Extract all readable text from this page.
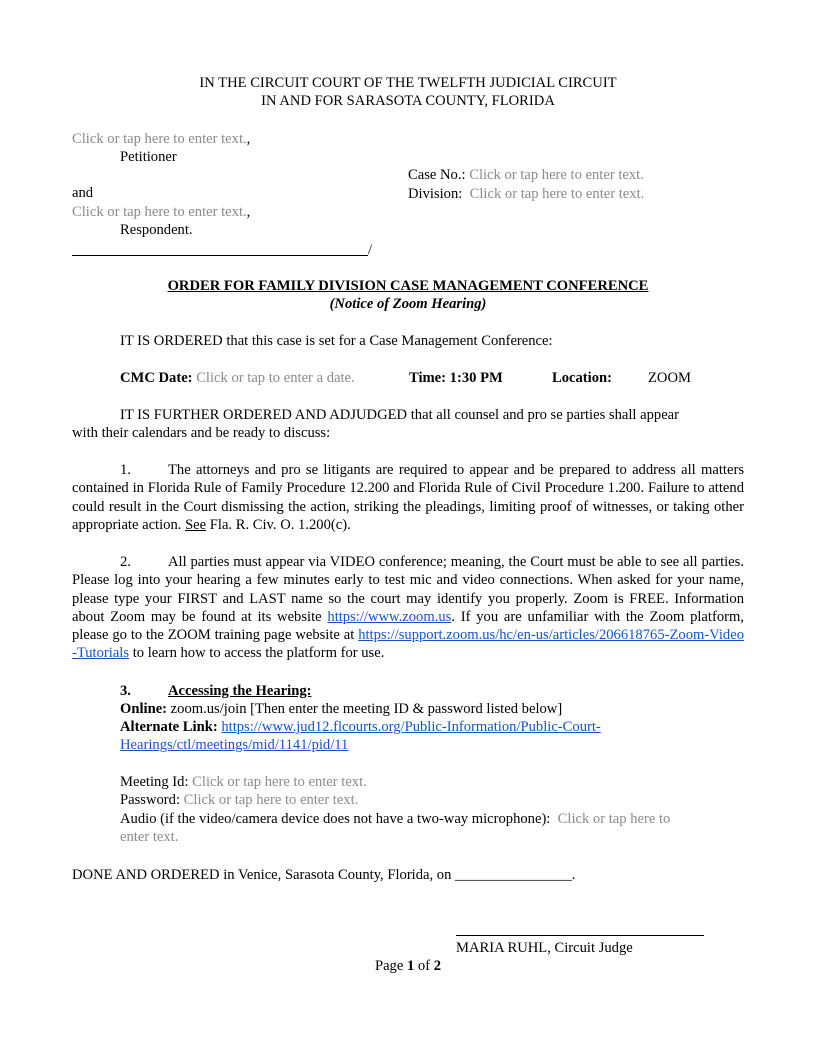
IN THE CIRCUIT COURT OF THE TWELFTH JUDICIAL CIRCUIT
IN AND FOR SARASOTA COUNTY, FLORIDA
Click or tap here to enter text.,
Petitioner
and
Click or tap here to enter text.,
Respondent.
/
Case No.: Click or tap here to enter text.
Division: Click or tap here to enter text.
ORDER FOR FAMILY DIVISION CASE MANAGEMENT CONFERENCE
(Notice of Zoom Hearing)
IT IS ORDERED that this case is set for a Case Management Conference:
CMC Date: Click or tap to enter a date.	Time: 1:30 PM	Location: ZOOM
IT IS FURTHER ORDERED AND ADJUDGED that all counsel and pro se parties shall appear
with their calendars and be ready to discuss:
1.	The attorneys and pro se litigants are required to appear and be prepared to address all matters contained in Florida Rule of Family Procedure 12.200 and Florida Rule of Civil Procedure 1.200. Failure to attend could result in the Court dismissing the action, striking the pleadings, limiting proof of witnesses, or taking other appropriate action. See Fla. R. Civ. O. 1.200(c).
2.	All parties must appear via VIDEO conference; meaning, the Court must be able to see all parties. Please log into your hearing a few minutes early to test mic and video connections. When asked for your name, please type your FIRST and LAST name so the court may identify you properly. Zoom is FREE. Information about Zoom may be found at its website https://www.zoom.us. If you are unfamiliar with the Zoom platform, please go to the ZOOM training page website at https://support.zoom.us/hc/en-us/articles/206618765-Zoom-Video-Tutorials to learn how to access the platform for use.
3.	Accessing the Hearing:
Online: zoom.us/join [Then enter the meeting ID & password listed below]
Alternate Link: https://www.jud12.flcourts.org/Public-Information/Public-Court-
Hearings/ctl/meetings/mid/1141/pid/11
Meeting Id: Click or tap here to enter text.
Password: Click or tap here to enter text.
Audio (if the video/camera device does not have a two-way microphone): Click or tap here to
enter text.
DONE AND ORDERED in Venice, Sarasota County, Florida, on ________________.
MARIA RUHL, Circuit Judge
Page 1 of 2
